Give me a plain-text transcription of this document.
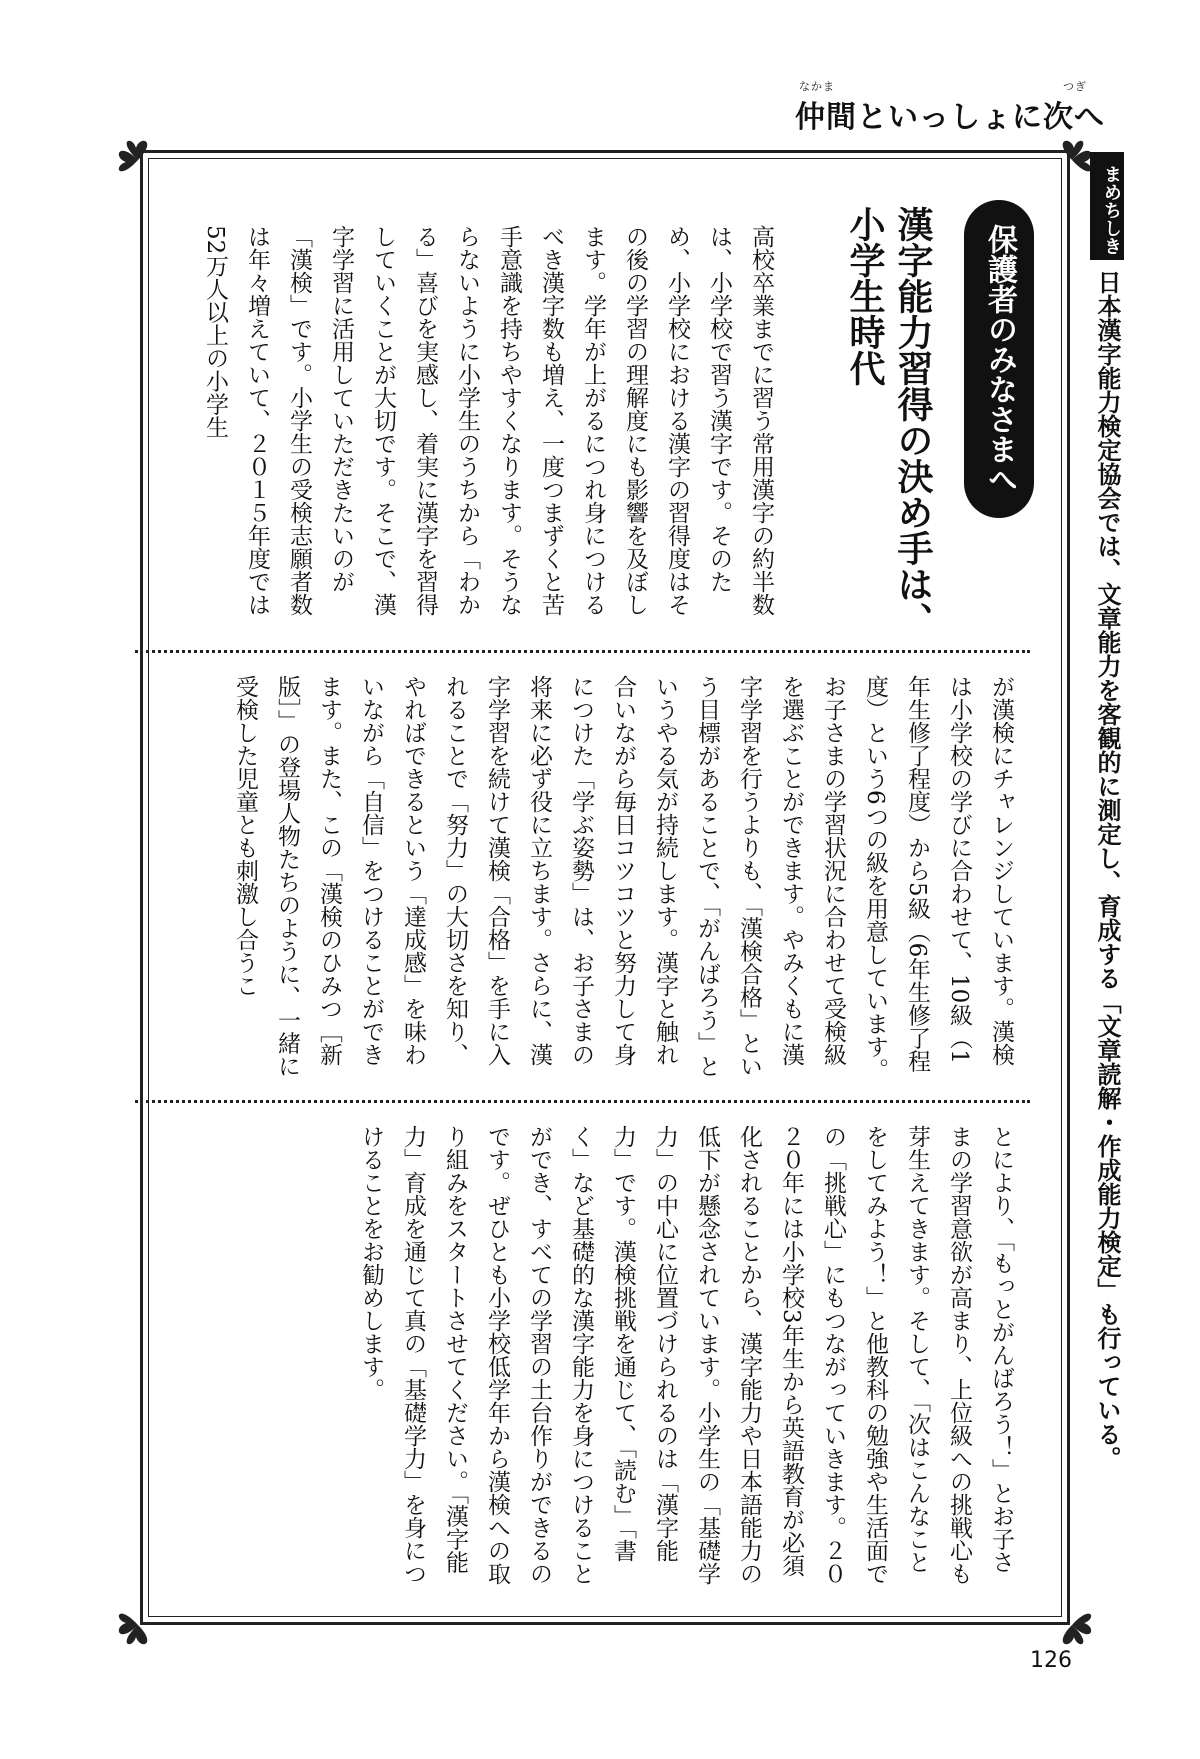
なかま	つぎ
仲間といっしょに次へ
まめちしき
日本漢字能力検定協会では、文章能力を客観的に測定し、育成する「文章読解・作成能力検定」も行っている。
保護者のみなさまへ
漢字能力習得の決め手は、小学生時代
高校卒業までに習う常用漢字の約半数は、小学校で習う漢字です。そのため、小学校における漢字の習得度はその後の学習の理解度にも影響を及ぼします。学年が上がるにつれ身につけるべき漢字数も増え、一度つまずくと苦手意識を持ちやすくなります。そうならないように小学生のうちから「わかる」喜びを実感し、着実に漢字を習得していくことが大切です。そこで、漢字学習に活用していただきたいのが「漢検」です。小学生の受検志願者数は年々増えていて、２０１５年度では52万人以上の小学生
が漢検にチャレンジしています。漢検は小学校の学びに合わせて、10級（1年生修了程度）から5級（6年生修了程度）という6つの級を用意しています。お子さまの学習状況に合わせて受検級を選ぶことができます。やみくもに漢字学習を行うよりも、「漢検合格」という目標があることで、「がんばろう」というやる気が持続します。漢字と触れ合いながら毎日コツコツと努力して身につけた「学ぶ姿勢」は、お子さまの将来に必ず役に立ちます。さらに、漢字学習を続けて漢検「合格」を手に入れることで「努力」の大切さを知り、やればできるという「達成感」を味わいながら「自信」をつけることができます。また、この「漢検のひみつ［新版］」の登場人物たちのように、一緒に受検した児童とも刺激し合うこ
とにより、「もっとがんばろう！」とお子さまの学習意欲が高まり、上位級への挑戦心も芽生えてきます。そして、「次はこんなことをしてみよう！」と他教科の勉強や生活面での「挑戦心」にもつながっていきます。２０２０年には小学校3年生から英語教育が必須化されることから、漢字能力や日本語能力の低下が懸念されています。小学生の「基礎学力」の中心に位置づけられるのは「漢字能力」です。漢検挑戦を通じて、「読む」「書く」など基礎的な漢字能力を身につけることができ、すべての学習の土台作りができるのです。ぜひとも小学校低学年から漢検への取り組みをスタートさせてください。「漢字能力」育成を通じて真の「基礎学力」を身につけることをお勧めします。
126
